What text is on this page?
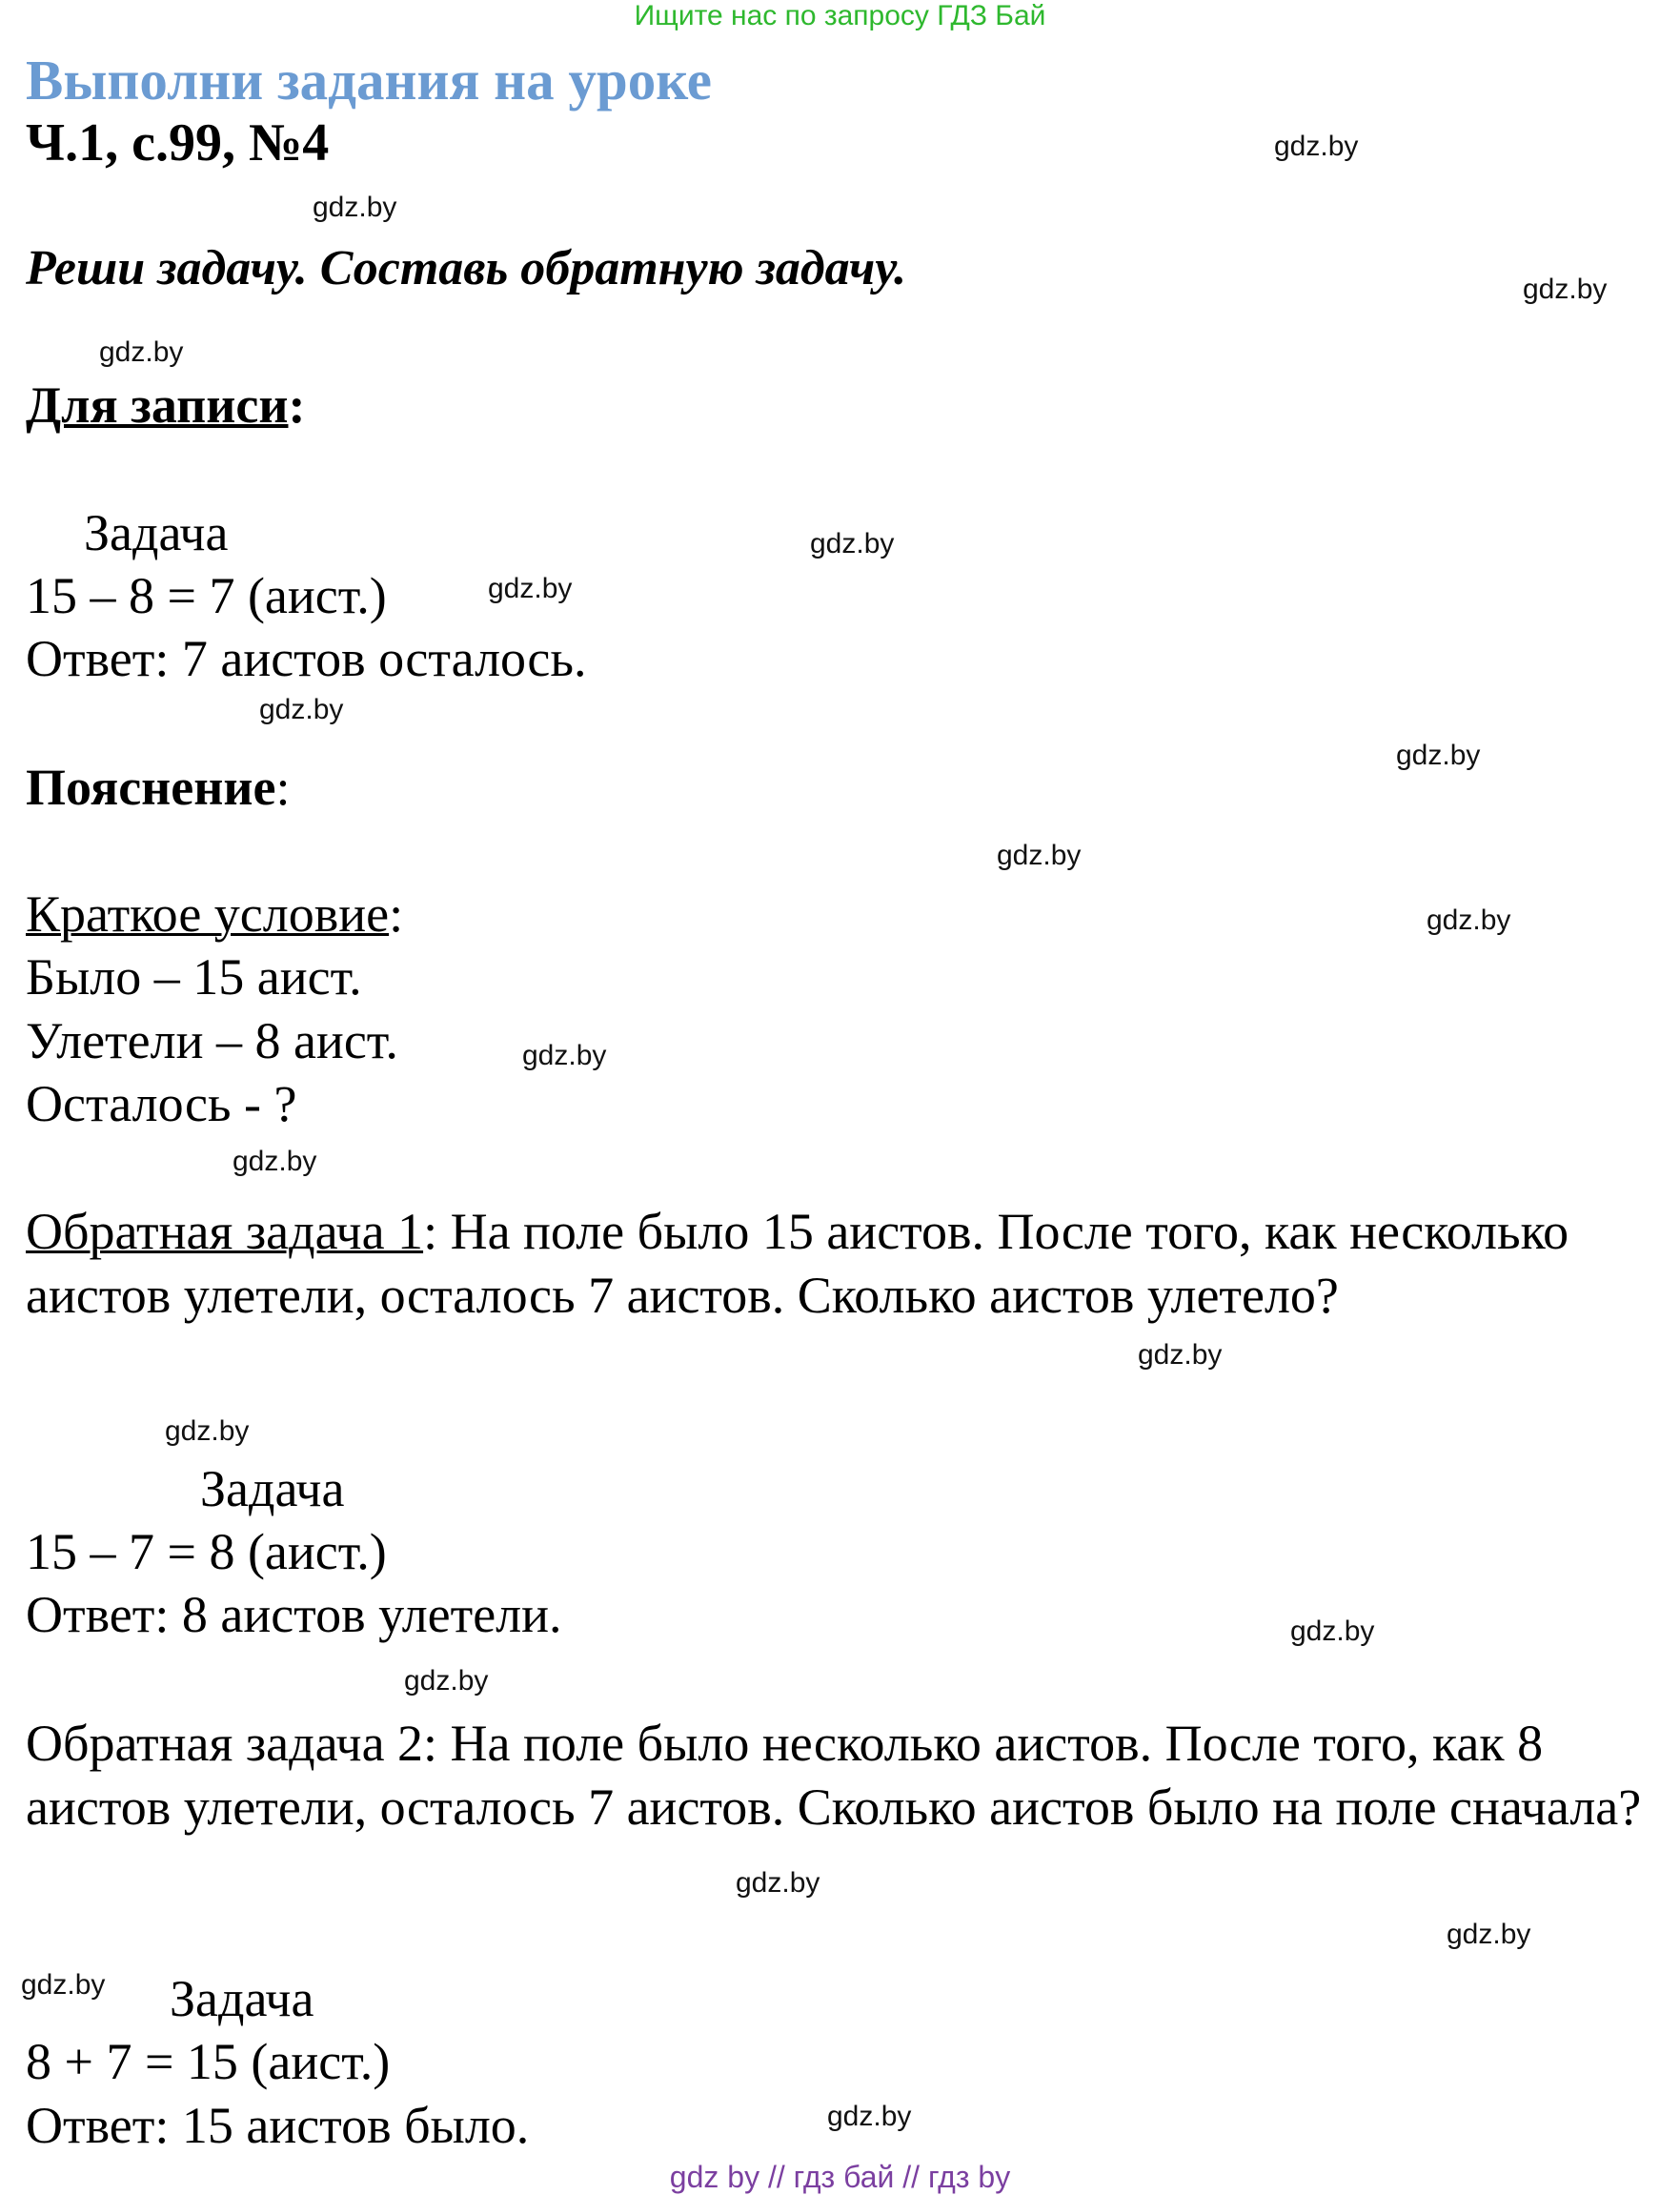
Ищите нас по запросу ГДЗ Бай
Выполни задания на уроке
Ч.1, с.99, №4
Реши задачу. Составь обратную задачу.
Для записи:
Задача
15 – 8 = 7 (аист.)
Ответ: 7 аистов осталось.
Пояснение:
Краткое условие:
Было – 15 аист.
Улетели – 8 аист.
Осталось - ?
Обратная задача 1: На поле было 15 аистов. После того, как несколько аистов улетели, осталось 7 аистов. Сколько аистов улетело?
Задача
15 – 7 = 8 (аист.)
Ответ: 8 аистов улетели.
Обратная задача 2: На поле было несколько аистов. После того, как 8 аистов улетели, осталось 7 аистов. Сколько аистов было на поле сначала?
Задача
8 + 7 = 15 (аист.)
Ответ: 15 аистов было.
gdz.by
gdz.by
gdz.by
gdz.by
gdz.by
gdz.by
gdz.by
gdz.by
gdz.by
gdz.by
gdz.by
gdz.by
gdz.by
gdz.by
gdz.by
gdz.by
gdz.by
gdz.by
gdz.by
gdz.by
gdz by // гдз бай // гдз by
